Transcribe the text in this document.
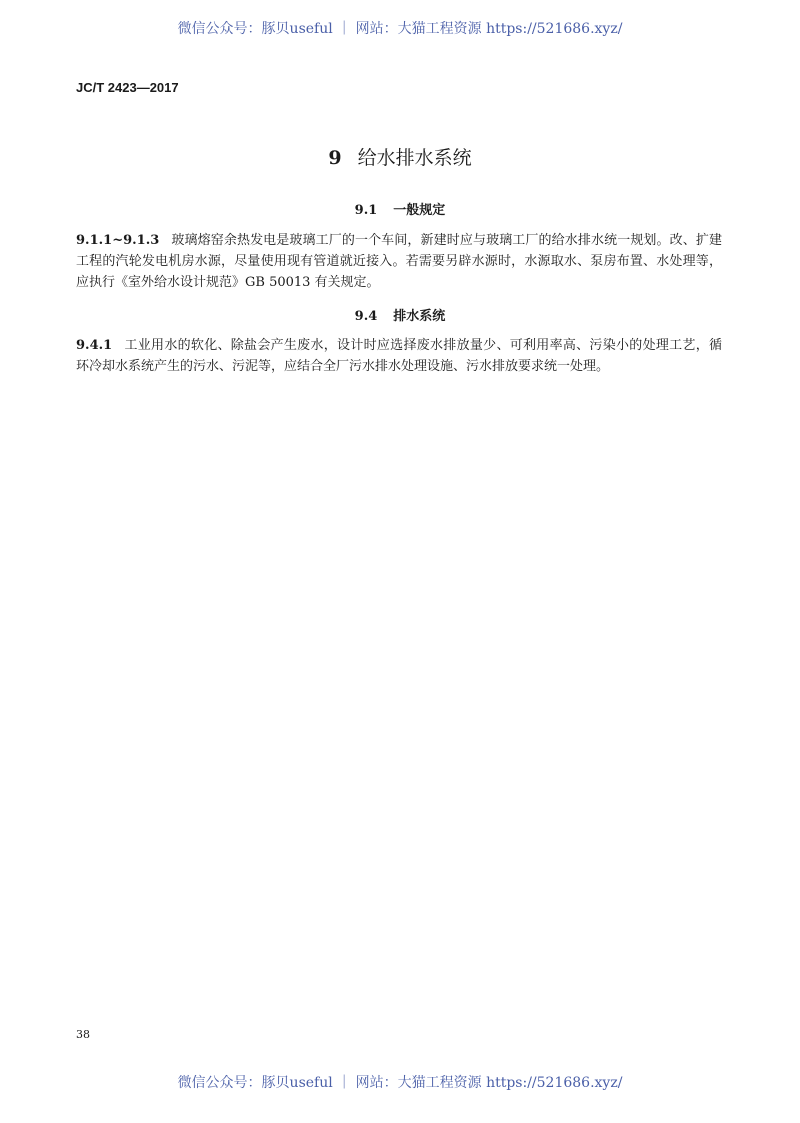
微信公众号：豚贝useful ｜ 网站：大猫工程资源 https://521686.xyz/
JC/T 2423—2017
9 给水排水系统
9.1 一般规定
9.1.1~9.1.3 玻璃熔窑余热发电是玻璃工厂的一个车间，新建时应与玻璃工厂的给水排水统一规划。改、扩建工程的汽轮发电机房水源，尽量使用现有管道就近接入。若需要另辟水源时，水源取水、泵房布置、水处理等，应执行《室外给水设计规范》GB 50013 有关规定。
9.4 排水系统
9.4.1 工业用水的软化、除盐会产生废水，设计时应选择废水排放量少、可利用率高、污染小的处理工艺，循环冷却水系统产生的污水、污泥等，应结合全厂污水排水处理设施、污水排放要求统一处理。
38
微信公众号：豚贝useful ｜ 网站：大猫工程资源 https://521686.xyz/
